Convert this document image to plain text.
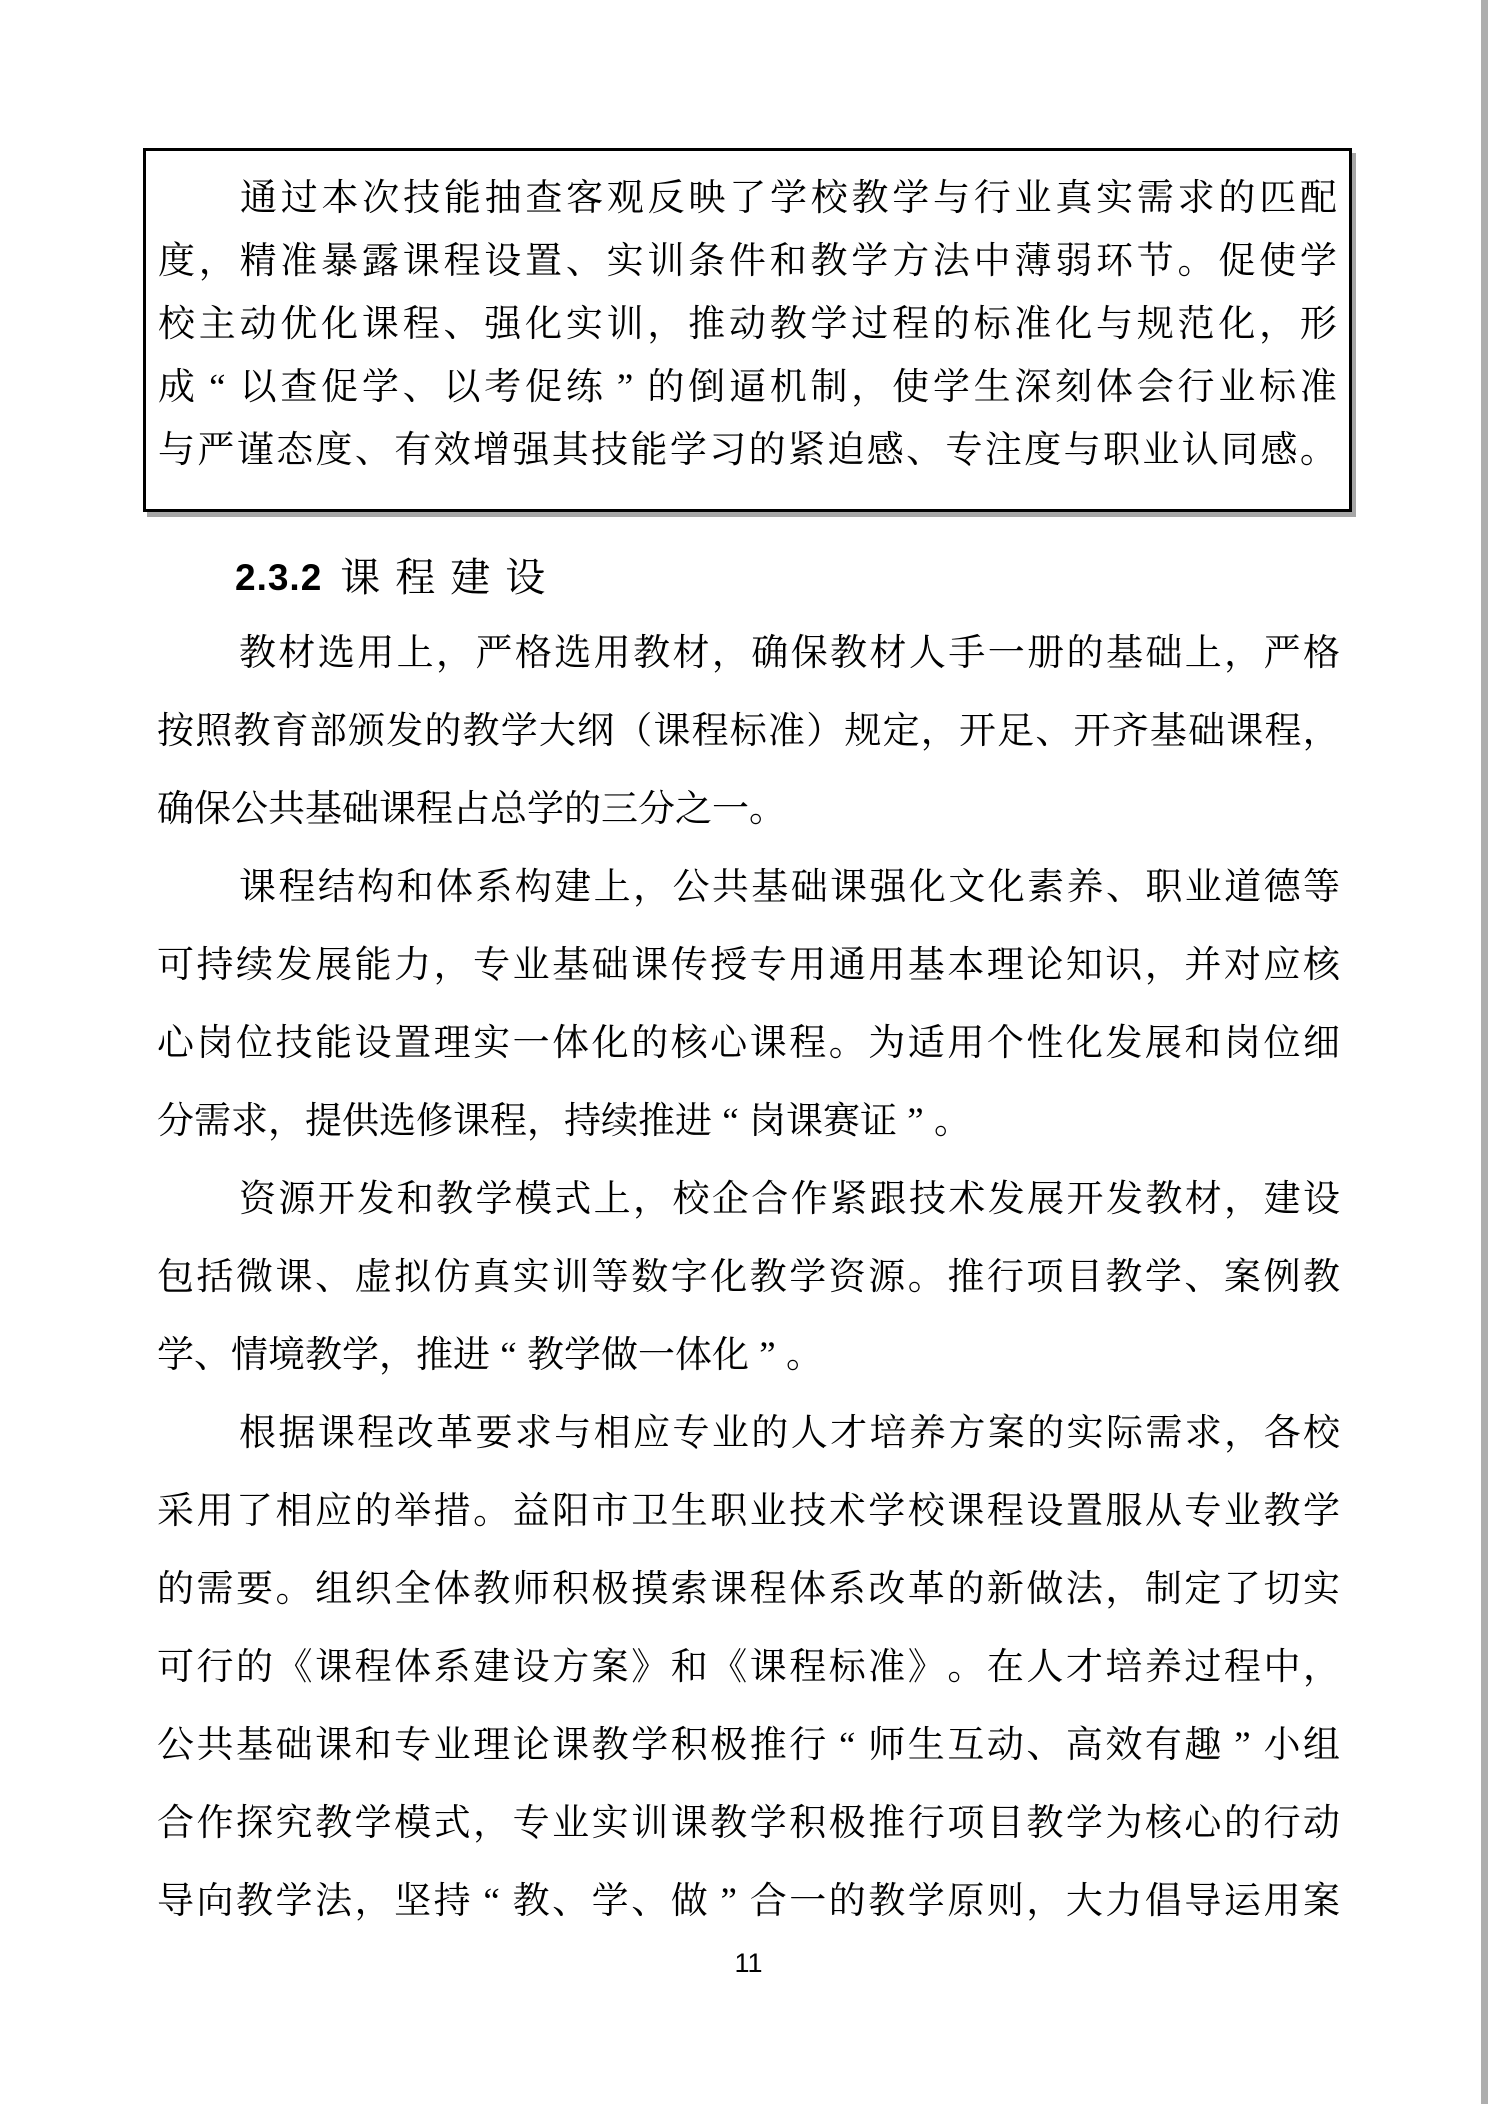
通 过 本 次 技 能 抽 查 客 观 反 映 了 学 校 教 学 与 行 业 真 实 需 求 的 匹 配
度 ， 精 准 暴 露 课 程 设 置 、 实 训 条 件 和 教 学 方 法 中 薄 弱 环 节 。 促 使 学
校 主 动 优 化 课 程 、 强 化 实 训 ， 推 动 教 学 过 程 的 标 准 化 与 规 范 化 ， 形
成 “ 以 查 促 学 、 以 考 促 练 ” 的 倒 逼 机 制 ， 使 学 生 深 刻 体 会 行 业 标 准
与 严 谨 态 度 、 有 效 增 强 其 技 能 学 习 的 紧 迫 感 、 专 注 度 与 职 业 认 同 感 。
2.3.2 课 程 建 设
教 材 选 用 上 ， 严 格 选 用 教 材 ， 确 保 教 材 人 手 一 册 的 基 础 上 ， 严 格
按 照 教 育 部 颁 发 的 教 学 大 纲 （ 课 程 标 准 ） 规 定 ， 开 足 、 开 齐 基 础 课 程 ，
确 保 公 共 基 础 课 程 占 总 学 的 三 分 之 一 。
课 程 结 构 和 体 系 构 建 上 ， 公 共 基 础 课 强 化 文 化 素 养 、 职 业 道 德 等
可 持 续 发 展 能 力 ， 专 业 基 础 课 传 授 专 用 通 用 基 本 理 论 知 识 ， 并 对 应 核
心 岗 位 技 能 设 置 理 实 一 体 化 的 核 心 课 程 。 为 适 用 个 性 化 发 展 和 岗 位 细
分 需 求 ， 提 供 选 修 课 程 ， 持 续 推 进 “ 岗 课 赛 证 ” 。
资 源 开 发 和 教 学 模 式 上 ， 校 企 合 作 紧 跟 技 术 发 展 开 发 教 材 ， 建 设
包 括 微 课 、 虚 拟 仿 真 实 训 等 数 字 化 教 学 资 源 。 推 行 项 目 教 学 、 案 例 教
学 、 情 境 教 学 ， 推 进 “ 教 学 做 一 体 化 ” 。
根 据 课 程 改 革 要 求 与 相 应 专 业 的 人 才 培 养 方 案 的 实 际 需 求 ， 各 校
采 用 了 相 应 的 举 措 。 益 阳 市 卫 生 职 业 技 术 学 校 课 程 设 置 服 从 专 业 教 学
的 需 要 。 组 织 全 体 教 师 积 极 摸 索 课 程 体 系 改 革 的 新 做 法 ， 制 定 了 切 实
可 行 的 《 课 程 体 系 建 设 方 案 》 和 《 课 程 标 准 》 。 在 人 才 培 养 过 程 中 ，
公 共 基 础 课 和 专 业 理 论 课 教 学 积 极 推 行 “ 师 生 互 动 、 高 效 有 趣 ” 小 组
合 作 探 究 教 学 模 式 ， 专 业 实 训 课 教 学 积 极 推 行 项 目 教 学 为 核 心 的 行 动
导 向 教 学 法 ， 坚 持 “ 教 、 学 、 做 ” 合 一 的 教 学 原 则 ， 大 力 倡 导 运 用 案
11
